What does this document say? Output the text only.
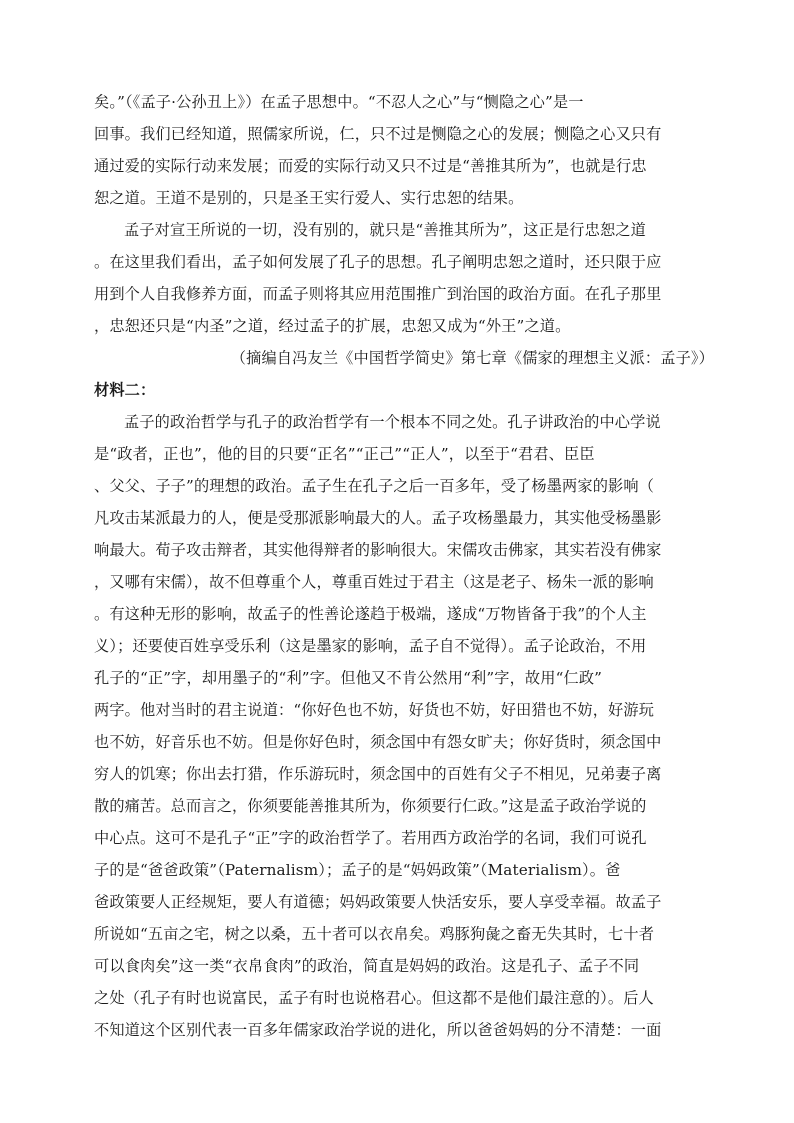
矣。”（《孟子·公孙丑上》）在孟子思想中。“不忍人之心”与“恻隐之心”是一
回事。我们已经知道，照儒家所说，仁，只不过是恻隐之心的发展；恻隐之心又只有
通过爱的实际行动来发展；而爱的实际行动又只不过是“善推其所为”，也就是行忠
恕之道。王道不是别的，只是圣王实行爱人、实行忠恕的结果。
孟子对宣王所说的一切，没有别的，就只是“善推其所为”，这正是行忠恕之道
。在这里我们看出，孟子如何发展了孔子的思想。孔子阐明忠恕之道时，还只限于应
用到个人自我修养方面，而孟子则将其应用范围推广到治国的政治方面。在孔子那里
，忠恕还只是“内圣”之道，经过孟子的扩展，忠恕又成为“外王”之道。
（摘编自冯友兰《中国哲学简史》第七章《儒家的理想主义派：孟子》）
材料二：
孟子的政治哲学与孔子的政治哲学有一个根本不同之处。孔子讲政治的中心学说
是“政者，正也”，他的目的只要“正名”“正己”“正人”，以至于“君君、臣臣
、父父、子子”的理想的政治。孟子生在孔子之后一百多年，受了杨墨两家的影响（
凡攻击某派最力的人，便是受那派影响最大的人。孟子攻杨墨最力，其实他受杨墨影
响最大。荀子攻击辩者，其实他得辩者的影响很大。宋儒攻击佛家，其实若没有佛家
，又哪有宋儒），故不但尊重个人，尊重百姓过于君主（这是老子、杨朱一派的影响
。有这种无形的影响，故孟子的性善论遂趋于极端，遂成“万物皆备于我”的个人主
义）；还要使百姓享受乐利（这是墨家的影响，孟子自不觉得）。孟子论政治，不用
孔子的“正”字，却用墨子的“利”字。但他又不肯公然用“利”字，故用“仁政”
两字。他对当时的君主说道：“你好色也不妨，好货也不妨，好田猎也不妨，好游玩
也不妨，好音乐也不妨。但是你好色时，须念国中有怨女旷夫；你好货时，须念国中
穷人的饥寒；你出去打猎，作乐游玩时，须念国中的百姓有父子不相见，兄弟妻子离
散的痛苦。总而言之，你须要能善推其所为，你须要行仁政。”这是孟子政治学说的
中心点。这可不是孔子“正”字的政治哲学了。若用西方政治学的名词，我们可说孔
子的是“爸爸政策”（Paternalism）；孟子的是“妈妈政策”（Materialism）。爸
爸政策要人正经规矩，要人有道德；妈妈政策要人快活安乐，要人享受幸福。故孟子
所说如“五亩之宅，树之以桑，五十者可以衣帛矣。鸡豚狗彘之畜无失其时，七十者
可以食肉矣”这一类“衣帛食肉”的政治，简直是妈妈的政治。这是孔子、孟子不同
之处（孔子有时也说富民，孟子有时也说格君心。但这都不是他们最注意的）。后人
不知道这个区别代表一百多年儒家政治学说的进化，所以爸爸妈妈的分不清楚：一面
